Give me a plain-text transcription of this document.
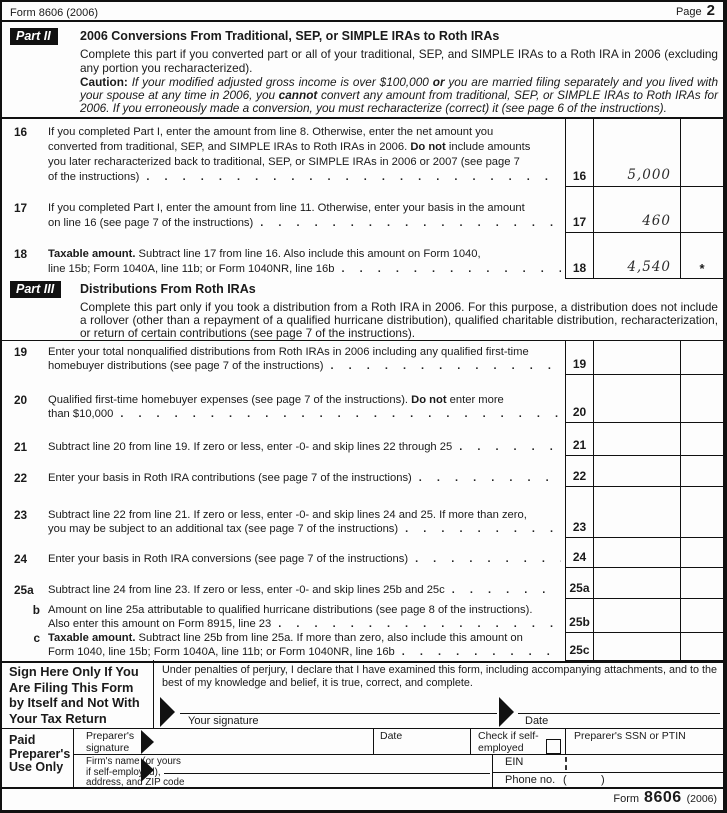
Form 8606 (2006)	Page 2
Part II	2006 Conversions From Traditional, SEP, or SIMPLE IRAs to Roth IRAs
Complete this part if you converted part or all of your traditional, SEP, and SIMPLE IRAs to a Roth IRA in 2006 (excluding any portion you recharacterized).
Caution: If your modified adjusted gross income is over $100,000 or you are married filing separately and you lived with your spouse at any time in 2006, you cannot convert any amount from traditional, SEP, or SIMPLE IRAs to Roth IRAs for 2006. If you erroneously made a conversion, you must recharacterize (correct) it (see page 6 of the instructions).
16	If you completed Part I, enter the amount from line 8. Otherwise, enter the net amount you
converted from traditional, SEP, and SIMPLE IRAs to Roth IRAs in 2006. Do not include amounts
you later recharacterized back to traditional, SEP, or SIMPLE IRAs in 2006 or 2007 (see page 7
of the instructions) . .	16	5,000
17	If you completed Part I, enter the amount from line 11. Otherwise, enter your basis in the amount
on line 16 (see page 7 of the instructions) . .	17	460
18	Taxable amount. Subtract line 17 from line 16. Also include this amount on Form 1040,
line 15b; Form 1040A, line 11b; or Form 1040NR, line 16b . .	18	4,540	*
Part III	Distributions From Roth IRAs
Complete this part only if you took a distribution from a Roth IRA in 2006. For this purpose, a distribution does not include a rollover (other than a repayment of a qualified hurricane distribution), qualified charitable distribution, recharacterization, or return of certain contributions (see page 7 of the instructions).
19	Enter your total nonqualified distributions from Roth IRAs in 2006 including any qualified first-time
homebuyer distributions (see page 7 of the instructions) . .	19
20	Qualified first-time homebuyer expenses (see page 7 of the instructions). Do not enter more
than $10,000 . .	20
21	Subtract line 20 from line 19. If zero or less, enter -0- and skip lines 22 through 25 . .	21
22	Enter your basis in Roth IRA contributions (see page 7 of the instructions) . .	22
23	Subtract line 22 from line 21. If zero or less, enter -0- and skip lines 24 and 25. If more than zero,
you may be subject to an additional tax (see page 7 of the instructions) . .	23
24	Enter your basis in Roth IRA conversions (see page 7 of the instructions) . .	24
25a	Subtract line 24 from line 23. If zero or less, enter -0- and skip lines 25b and 25c . .	25a
b Amount on line 25a attributable to qualified hurricane distributions (see page 8 of the instructions).
Also enter this amount on Form 8915, line 23 . .	25b
c Taxable amount. Subtract line 25b from line 25a. If more than zero, also include this amount on
Form 1040, line 15b; Form 1040A, line 11b; or Form 1040NR, line 16b . .	25c
Sign Here Only If You
Are Filing This Form
by Itself and Not With
Your Tax Return
Under penalties of perjury, I declare that I have examined this form, including accompanying attachments, and to the best of my knowledge and belief, it is true, correct, and complete.
Your signature	Date
Paid
Preparer's
Use Only
Preparer's
signature
Date	Check if self-employed
Preparer's SSN or PTIN
Firm's name (or yours
if self-employed),
address, and ZIP code
EIN
Phone no. (	)
Form 8606 (2006)
